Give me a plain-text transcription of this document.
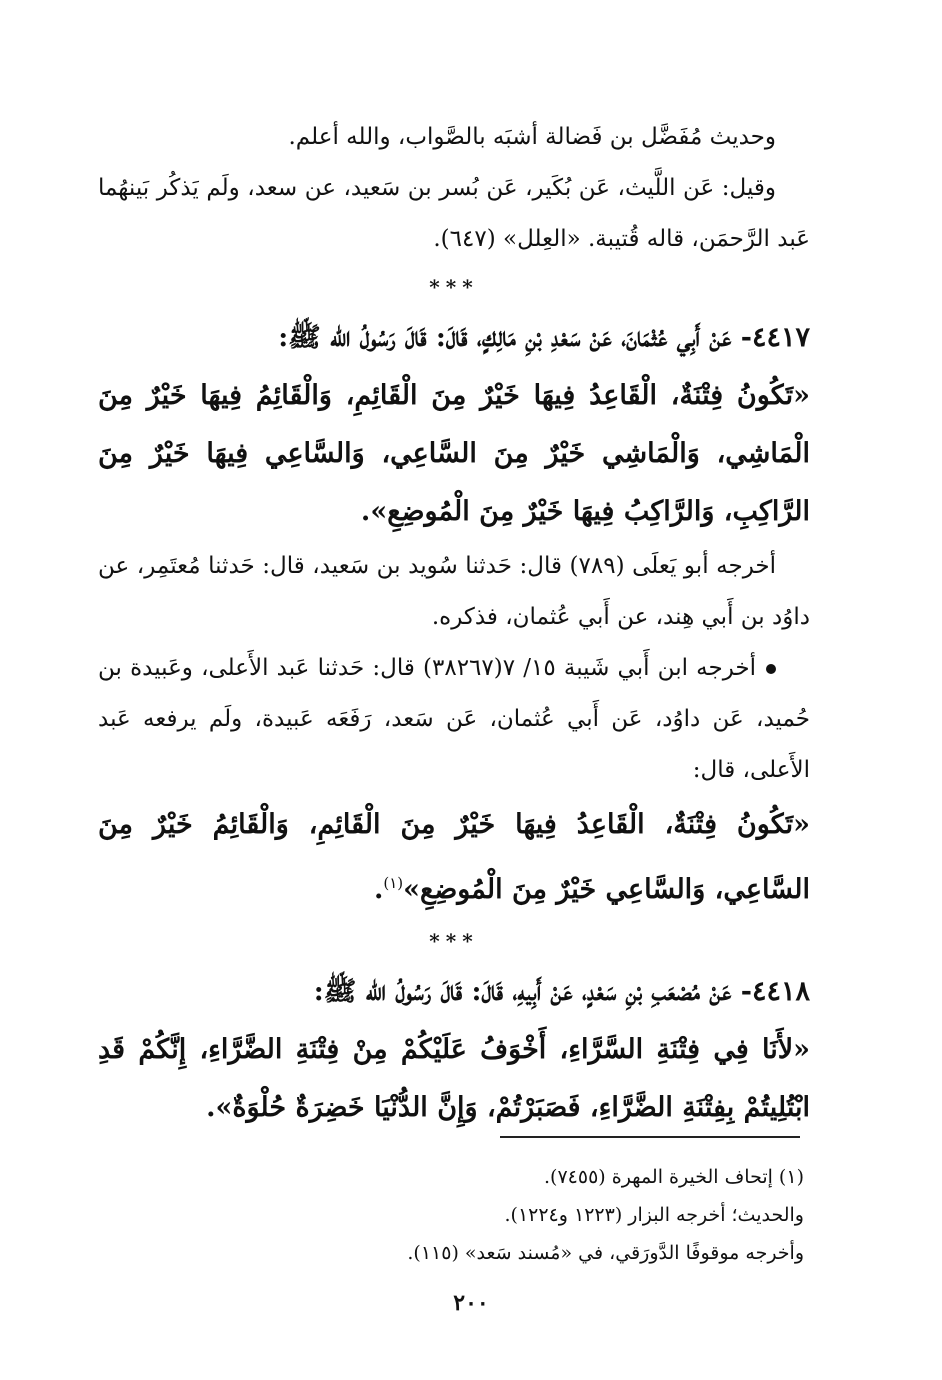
وحديث مُفَضَّل بن فَضالة أشبَه بالصَّواب، والله أعلم.

وقيل: عَن اللَّيث، عَن بُكَير، عَن بُسر بن سَعيد، عن سعد، ولَم يَذكُر بَينهُما عَبد الرَّحمَن، قاله قُتيبة. «العِلل» (٦٤٧).

***

٤٤١٧- عَنْ أَبِي عُثْمَانَ، عَنْ سَعْدِ بْنِ مَالِكٍ، قَالَ: قَالَ رَسُولُ الله ﷺ:

«تَكُونُ فِتْنَةٌ، الْقَاعِدُ فِيهَا خَيْرٌ مِنَ الْقَائِمِ، وَالْقَائِمُ فِيهَا خَيْرٌ مِنَ الْمَاشِي، وَالْمَاشِي خَيْرٌ مِنَ السَّاعِي، وَالسَّاعِي فِيهَا خَيْرٌ مِنَ الرَّاكِبِ، وَالرَّاكِبُ فِيهَا خَيْرٌ مِنَ الْمُوضِعِ».

أخرجه أبو يَعلَى (٧٨٩) قال: حَدثنا سُويد بن سَعيد، قال: حَدثنا مُعتَمِر، عن داوُد بن أَبي هِند، عن أَبي عُثمان، فذكره.

أخرجه ابن أَبي شَيبة ١٥/ ٧(٣٨٢٦٧) قال: حَدثنا عَبد الأَعلى، وعَبيدة بن حُميد، عَن داوُد، عَن أَبي عُثمان، عَن سَعد، رَفَعَه عَبيدة، ولَم يرفعه عَبد الأَعلى، قال:

«تَكُونُ فِتْنَةٌ، الْقَاعِدُ فِيهَا خَيْرٌ مِنَ الْقَائِمِ، وَالْقَائِمُ خَيْرٌ مِنَ السَّاعِي، وَالسَّاعِي خَيْرٌ مِنَ الْمُوضِعِ»$^{(١)}$.

***

٤٤١٨- عَنْ مُصْعَبِ بْنِ سَعْدٍ، عَنْ أَبِيهِ، قَالَ: قَالَ رَسُولُ الله ﷺ:

«لأَنَا فِي فِتْنَةِ السَّرَّاءِ، أَخْوَفُ عَلَيْكُمْ مِنْ فِتْنَةِ الضَّرَّاءِ، إِنَّكُمْ قَدِ ابْتُلِيتُمْ بِفِتْنَةِ الضَّرَّاءِ، فَصَبَرْتُمْ، وَإِنَّ الدُّنْيَا خَضِرَةٌ حُلْوَةٌ».

(١) إتحاف الخيرة المهرة (٧٤٥٥).

والحديث؛ أخرجه البزار (١٢٢٣ و١٢٢٤).

وأخرجه موقوفًا الدَّورَقي، في «مُسند سَعد» (١١٥).

٢٠٠
